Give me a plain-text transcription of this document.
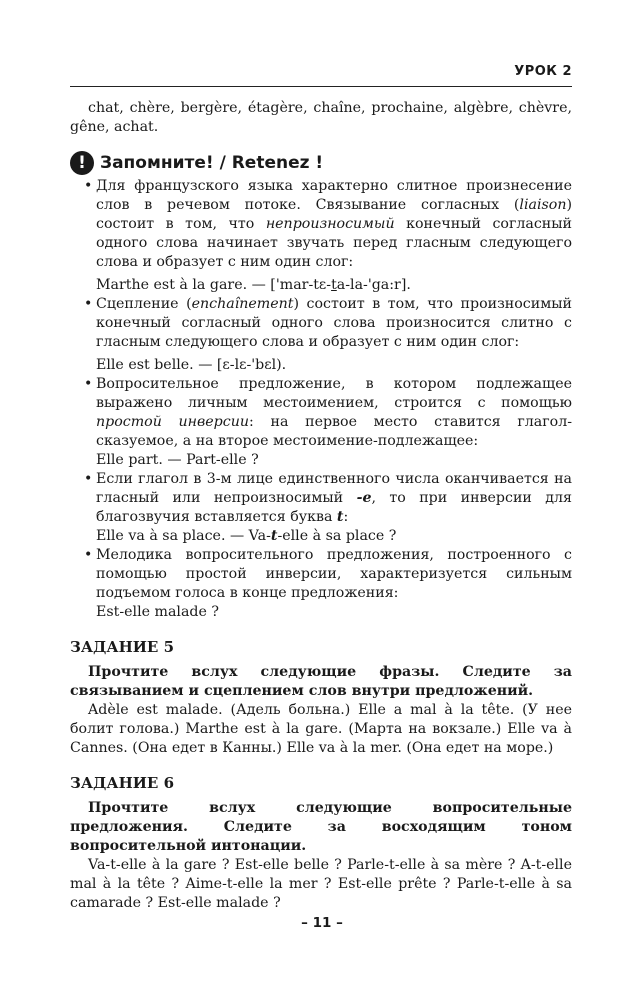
УРОК 2

chat, chère, bergère, étagère, chaîne, prochaine, algèbre, chèvre, gêne, achat.

! Запомните! / Retenez !
• Для французского языка характерно слитное произнесение слов в речевом потоке. Связывание согласных (liaison) состоит в том, что непроизносимый конечный согласный одного слова начинает звучать перед гласным следующего слова и образует с ним один слог:
Marthe est à la gare. — ['mar-tɛ-ta-la-'ga:r].
• Сцепление (enchaînement) состоит в том, что произносимый конечный согласный одного слова произносится слитно с гласным следующего слова и образует с ним один слог:
Elle est belle. — [ɛ-lɛ-'bɛl).
• Вопросительное предложение, в котором подлежащее выражено личным местоимением, строится с помощью простой инверсии: на первое место ставится глагол-сказуемое, а на второе местоимение-подлежащее:
Elle part. — Part-elle ?
• Если глагол в 3-м лице единственного числа оканчивается на гласный или непроизносимый -e, то при инверсии для благозвучия вставляется буква t:
Elle va à sa place. — Va-t-elle à sa place ?
• Мелодика вопросительного предложения, построенного с помощью простой инверсии, характеризуется сильным подъемом голоса в конце предложения:
Est-elle malade ?
ЗАДАНИЕ 5

Прочтите вслух следующие фразы. Следите за связыванием и сцеплением слов внутри предложений.

Adèle est malade. (Адель больна.) Elle a mal à la tête. (У нее болит голова.) Marthe est à la gare. (Марта на вокзале.) Elle va à Cannes. (Она едет в Канны.) Elle va à la mer. (Она едет на море.)

ЗАДАНИЕ 6

Прочтите вслух следующие вопросительные предложения. Следите за восходящим тоном вопросительной интонации.

Va-t-elle à la gare ? Est-elle belle ? Parle-t-elle à sa mère ? A-t-elle mal à la tête ? Aime-t-elle la mer ? Est-elle prête ? Parle-t-elle à sa camarade ? Est-elle malade ?

– 11 –
